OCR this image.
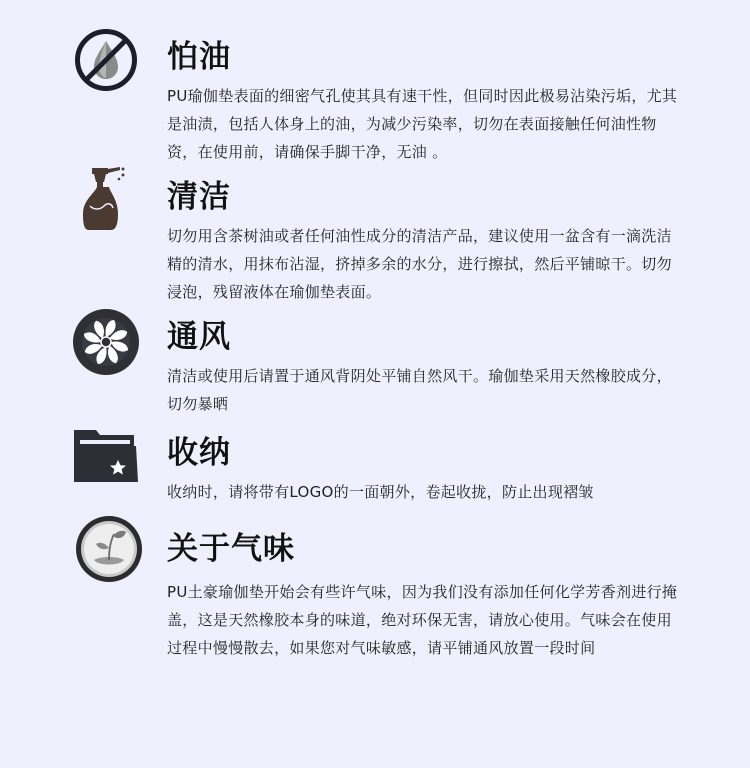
怕油

PU瑜伽垫表面的细密气孔使其具有速干性，但同时因此极易沾染污垢，尤其是油渍，包括人体身上的油，为减少污染率，切勿在表面接触任何油性物资，在使用前，请确保手脚干净，无油 。

清洁

切勿用含茶树油或者任何油性成分的清洁产品，建议使用一盆含有一滴洗洁精的清水，用抹布沾湿，挤掉多余的水分，进行擦拭，然后平铺晾干。切勿浸泡，残留液体在瑜伽垫表面。

通风

清洁或使用后请置于通风背阴处平铺自然风干。瑜伽垫采用天然橡胶成分，切勿暴晒

收纳

收纳时，请将带有LOGO的一面朝外，卷起收拢，防止出现褶皱

关于气味

PU土豪瑜伽垫开始会有些许气味，因为我们没有添加任何化学芳香剂进行掩盖，这是天然橡胶本身的味道，绝对环保无害，请放心使用。气味会在使用过程中慢慢散去，如果您对气味敏感，请平铺通风放置一段时间
